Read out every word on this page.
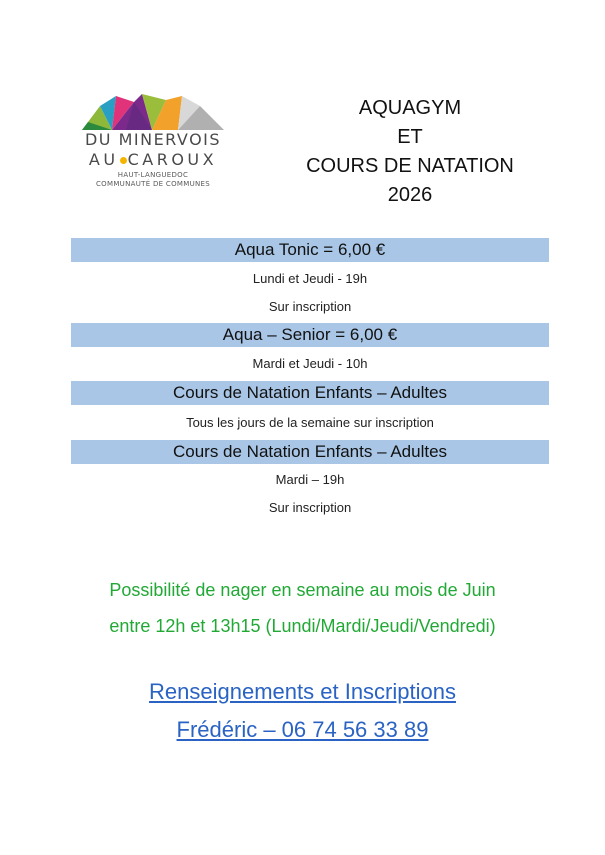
DU MINERVOIS
AU CAROUX
HAUT-LANGUEDOC
COMMUNAUTÉ DE COMMUNES
AQUAGYM
ET
COURS DE NATATION
2026
Aqua Tonic = 6,00 €
Lundi et Jeudi - 19h
Sur inscription
Aqua – Senior = 6,00 €
Mardi et Jeudi - 10h
Cours de Natation Enfants – Adultes
Tous les jours de la semaine sur inscription
Cours de Natation Enfants – Adultes
Mardi – 19h
Sur inscription
Possibilité de nager en semaine au mois de Juin
entre 12h et 13h15 (Lundi/Mardi/Jeudi/Vendredi)
Renseignements et Inscriptions
Frédéric – 06 74 56 33 89
